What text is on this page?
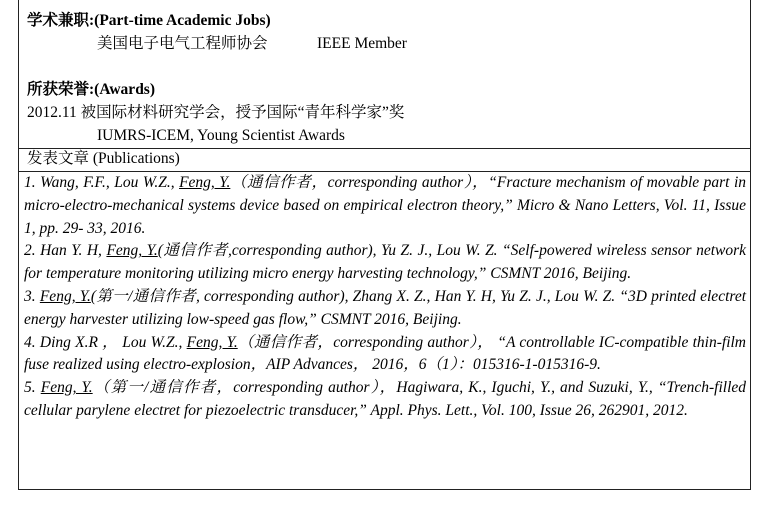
学术兼职:(Part-time Academic Jobs)
美国电子电气工程师协会	IEEE Member
所获荣誉:(Awards)
2012.11 被国际材料研究学会，授予国际“青年科学家”奖
IUMRS-ICEM, Young Scientist Awards
发表文章 (Publications)

1. Wang, F.F., Lou W.Z., Feng, Y.（通信作者，corresponding author），“Fracture mechanism of movable part in micro-electro-mechanical systems device based on empirical electron theory,” Micro & Nano Letters, Vol. 11, Issue 1, pp. 29- 33, 2016.

2. Han Y. H, Feng, Y.(通信作者,corresponding author), Yu Z. J., Lou W. Z. “Self-powered wireless sensor network for temperature monitoring utilizing micro energy harvesting technology,” CSMNT 2016, Beijing.

3. Feng, Y.(第一/通信作者, corresponding author), Zhang X. Z., Han Y. H, Yu Z. J., Lou W. Z. “3D printed electret energy harvester utilizing low-speed gas flow,” CSMNT 2016, Beijing.

4. Ding X.R ， Lou W.Z., Feng, Y.（通信作者，corresponding author）， “A controllable IC-compatible thin-film fuse realized using electro-explosion，AIP Advances， 2016，6（1）：015316-1-015316-9.

5. Feng, Y.（第一/通信作者，corresponding author），Hagiwara, K., Iguchi, Y., and Suzuki, Y., “Trench-filled cellular parylene electret for piezoelectric transducer,” Appl. Phys. Lett., Vol. 100, Issue 26, 262901, 2012.
